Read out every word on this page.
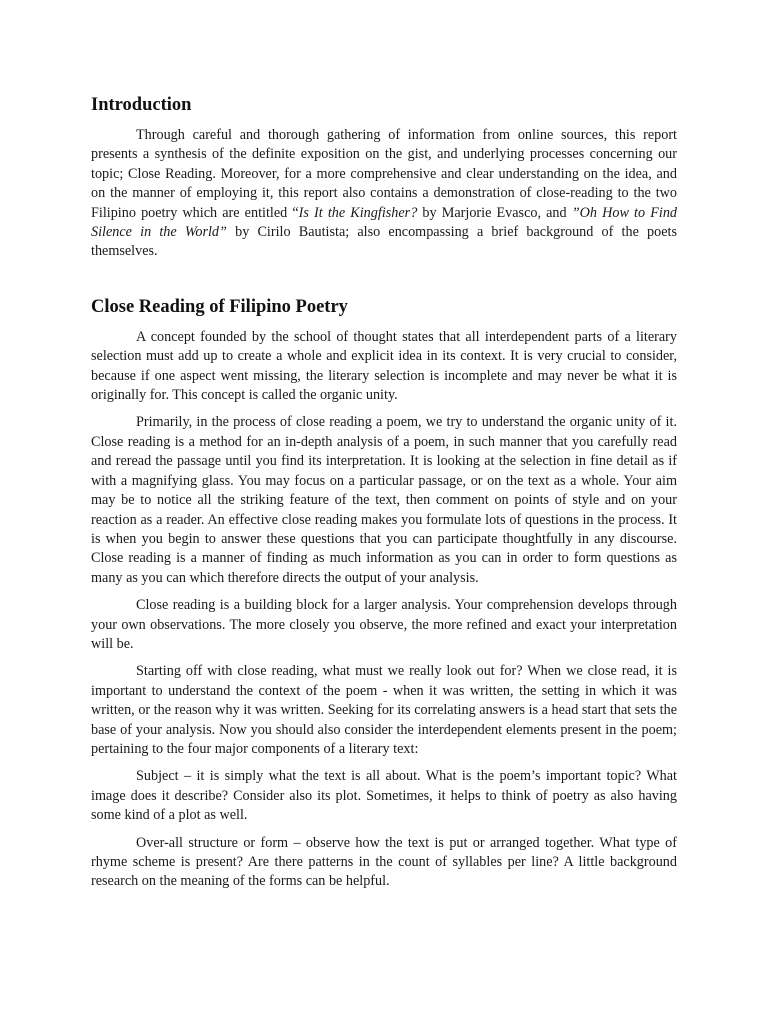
Introduction

Through careful and thorough gathering of information from online sources, this report presents a synthesis of the definite exposition on the gist, and underlying processes concerning our topic; Close Reading. Moreover, for a more comprehensive and clear understanding on the idea, and on the manner of employing it, this report also contains a demonstration of close-reading to the two Filipino poetry which are entitled “Is It the Kingfisher? by Marjorie Evasco, and ”Oh How to Find Silence in the World” by Cirilo Bautista; also encompassing a brief background of the poets themselves.

Close Reading of Filipino Poetry

A concept founded by the school of thought states that all interdependent parts of a literary selection must add up to create a whole and explicit idea in its context. It is very crucial to consider, because if one aspect went missing, the literary selection is incomplete and may never be what it is originally for. This concept is called the organic unity.

Primarily, in the process of close reading a poem, we try to understand the organic unity of it. Close reading is a method for an in-depth analysis of a poem, in such manner that you carefully read and reread the passage until you find its interpretation. It is looking at the selection in fine detail as if with a magnifying glass. You may focus on a particular passage, or on the text as a whole. Your aim may be to notice all the striking feature of the text, then comment on points of style and on your reaction as a reader. An effective close reading makes you formulate lots of questions in the process. It is when you begin to answer these questions that you can participate thoughtfully in any discourse. Close reading is a manner of finding as much information as you can in order to form questions as many as you can which therefore directs the output of your analysis.

Close reading is a building block for a larger analysis. Your comprehension develops through your own observations. The more closely you observe, the more refined and exact your interpretation will be.

Starting off with close reading, what must we really look out for? When we close read, it is important to understand the context of the poem - when it was written, the setting in which it was written, or the reason why it was written. Seeking for its correlating answers is a head start that sets the base of your analysis. Now you should also consider the interdependent elements present in the poem; pertaining to the four major components of a literary text:

Subject – it is simply what the text is all about. What is the poem’s important topic? What image does it describe? Consider also its plot. Sometimes, it helps to think of poetry as also having some kind of a plot as well.

Over-all structure or form – observe how the text is put or arranged together. What type of rhyme scheme is present? Are there patterns in the count of syllables per line? A little background research on the meaning of the forms can be helpful.
